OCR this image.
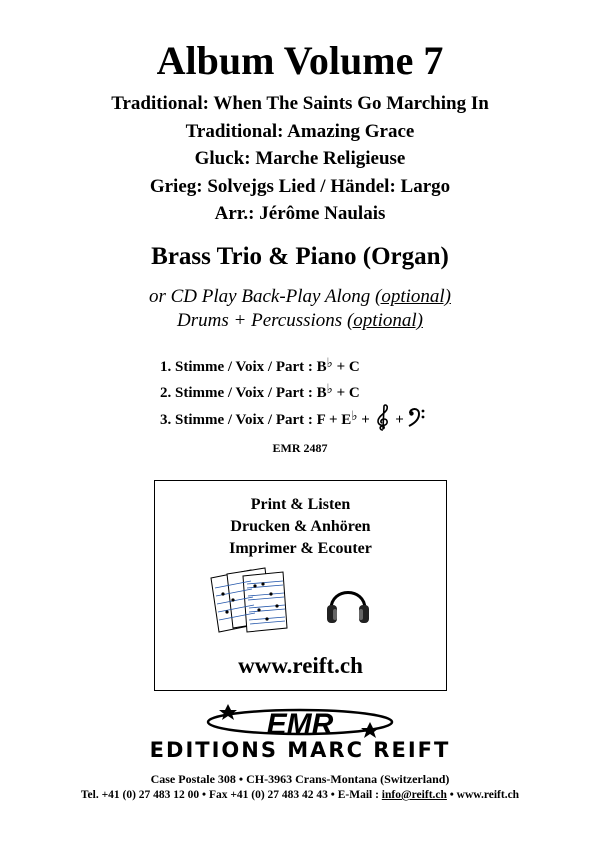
Album Volume 7
Traditional: When The Saints Go Marching In
Traditional: Amazing Grace
Gluck: Marche Religieuse
Grieg: Solvejgs Lied / Händel: Largo
Arr.: Jérôme Naulais
Brass Trio & Piano (Organ)
or CD Play Back-Play Along (optional)
Drums + Percussions (optional)
1. Stimme / Voix / Part : B♭ + C
2. Stimme / Voix / Part : B♭ + C
3. Stimme / Voix / Part : F + E♭ +  +
EMR 2487
Print & Listen
Drucken & Anhören
Imprimer & Ecouter
www.reift.ch
EMR
EDITIONS MARC REIFT
Case Postale 308 • CH-3963 Crans-Montana (Switzerland)
Tel. +41 (0) 27 483 12 00 • Fax +41 (0) 27 483 42 43 • E-Mail : info@reift.ch • www.reift.ch
